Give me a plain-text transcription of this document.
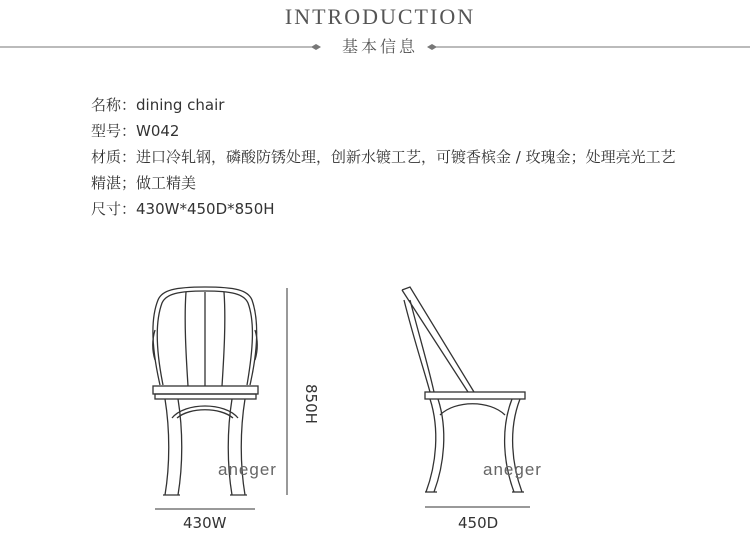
INTRODUCTION
基本信息
名称：dining chair
型号：W042
材质：进口冷轧钢，磷酸防锈处理，创新水镀工艺，可镀香槟金 / 玫瑰金；处理亮光工艺精湛；做工精美
尺寸：430W*450D*850H
aneger	aneger
430W	450D
850H
